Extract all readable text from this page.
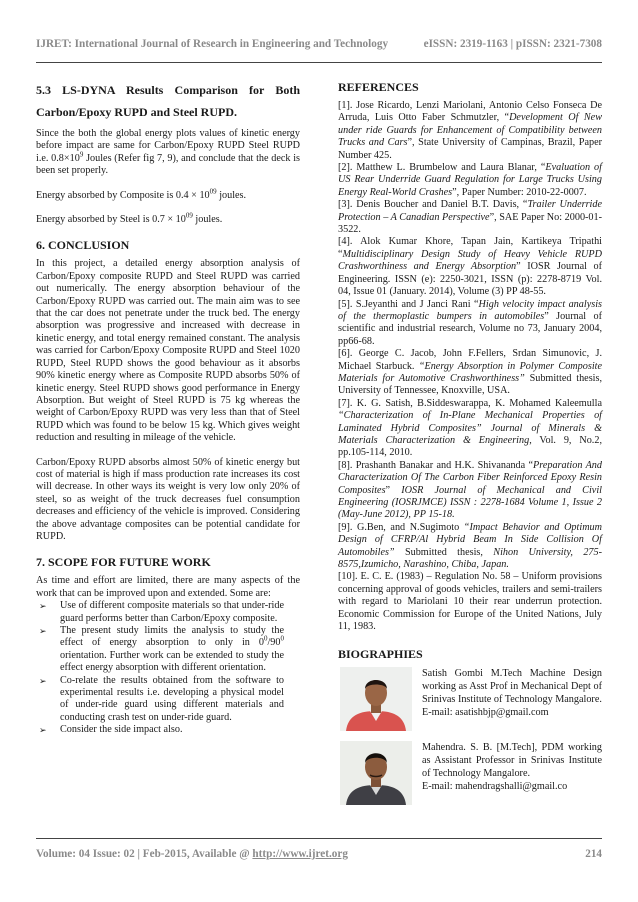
IJRET: International Journal of Research in Engineering and Technology	eISSN: 2319-1163 | pISSN: 2321-7308

5.3 LS-DYNA Results Comparison for Both

Carbon/Epoxy RUPD and Steel RUPD.

Since the both the global energy plots values of kinetic energy before impact are same for Carbon/Epoxy RUPD Steel RUPD i.e. $0.8\times 10^9$ Joules (Refer fig 7, 9), and conclude that the deck is been set properly.

Energy absorbed by Composite is $0.4 \times 10^{09}$ joules.

Energy absorbed by Steel is $0.7 \times 10^{09}$ joules.

6. CONCLUSION

In this project, a detailed energy absorption analysis of Carbon/Epoxy composite RUPD and Steel RUPD was carried out numerically. The energy absorption behaviour of the Carbon/Epoxy RUPD was carried out. The main aim was to see that the car does not penetrate under the truck bed. The energy absorption was progressive and increased with decrease in kinetic energy, and total energy remained constant. The analysis was carried for Carbon/Epoxy Composite RUPD and Steel 1020 RUPD, Steel RUPD shows the good behaviour as it absorbs 90% kinetic energy where as Composite RUPD absorbs 50% of kinetic energy. Steel RUPD shows good performance in Energy Absorption. But weight of Steel RUPD is 75 kg whereas the weight of Carbon/Epoxy RUPD was very less than that of Steel RUPD which was found to be below 15 kg. Which gives weight reduction and resulting in mileage of the vehicle.

Carbon/Epoxy RUPD absorbs almost 50% of kinetic energy but cost of material is high if mass production rate increases its cost will decrease. In other ways its weight is very low only 20% of steel, so as weight of the truck decreases fuel consumption decreases and efficiency of the vehicle is improved. Considering the above advantage composites can be potential candidate for RUPD.

7. SCOPE FOR FUTURE WORK

As time and effort are limited, there are many aspects of the work that can be improved upon and extended. Some are:

➢ Use of different composite materials so that under-ride guard performs better than Carbon/Epoxy composite.
➢ The present study limits the analysis to study the effect of energy absorption to only in $0^0/90^0$ orientation. Further work can be extended to study the effect energy absorption with different orientation.
➢ Co-relate the results obtained from the software to experimental results i.e. developing a physical model of under-ride guard using different materials and conducting crash test on under-ride guard.
➢ Consider the side impact also.
REFERENCES

[1]. Jose Ricardo, Lenzi Mariolani, Antonio Celso Fonseca De Arruda, Luis Otto Faber Schmutzler, “Development Of New under ride Guards for Enhancement of Compatibility between Trucks and Cars”, State University of Campinas, Brazil, Paper Number 425.

[2]. Matthew L. Brumbelow and Laura Blanar, “Evaluation of US Rear Underride Guard Regulation for Large Trucks Using Energy Real-World Crashes”, Paper Number: 2010-22-0007.

[3]. Denis Boucher and Daniel B.T. Davis, “Trailer Underride Protection – A Canadian Perspective”, SAE Paper No: 2000-01-3522.

[4]. Alok Kumar Khore, Tapan Jain, Kartikeya Tripathi “Multidisciplinary Design Study of Heavy Vehicle RUPD Crashworthiness and Energy Absorption” IOSR Journal of Engineering. ISSN (e): 2250-3021, ISSN (p): 2278-8719 Vol. 04, Issue 01 (January. 2014), Volume (3) PP 48-55.

[5]. S.Jeyanthi and J Janci Rani “High velocity impact analysis of the thermoplastic bumpers in automobiles” Journal of scientific and industrial research, Volume no 73, January 2004, pp66-68.

[6]. George C. Jacob, John F.Fellers, Srdan Simunovic, J. Michael Starbuck. “Energy Absorption in Polymer Composite Materials for Automotive Crashworthiness” Submitted thesis, University of Tennessee, Knoxville, USA.

[7]. K. G. Satish, B.Siddeswarappa, K. Mohamed Kaleemulla “Characterization of In-Plane Mechanical Properties of Laminated Hybrid Composites” Journal of Minerals & Materials Characterization & Engineering, Vol. 9, No.2, pp.105-114, 2010.

[8]. Prashanth Banakar and H.K. Shivananda “Preparation And Characterization Of The Carbon Fiber Reinforced Epoxy Resin Composites” IOSR Journal of Mechanical and Civil Engineering (IOSRJMCE) ISSN : 2278-1684 Volume 1, Issue 2 (May-June 2012), PP 15-18.

[9]. G.Ben, and N.Sugimoto “Impact Behavior and Optimum Design of CFRP/Al Hybrid Beam In Side Collision Of Automobiles” Submitted thesis, Nihon University, 275-8575,Izumicho, Narashino, Chiba, Japan.

[10]. E. C. E. (1983) – Regulation No. 58 – Uniform provisions concerning approval of goods vehicles, trailers and semi-trailers with regard to Mariolani 10 their rear underrun protection. Economic Commission for Europe of the United Nations, July 11, 1983.

BIOGRAPHIES
Satish Gombi M.Tech Machine Design working as Asst Prof in Mechanical Dept of Srinivas Institute of Technology Mangalore.
E-mail: asatishbjp@gmail.com
Mahendra. S. B. [M.Tech], PDM working as Assistant Professor in Srinivas Institute of Technology Mangalore.
E-mail: mahendragshalli@gmail.co
Volume: 04 Issue: 02 | Feb-2015, Available @ http://www.ijret.org	214
